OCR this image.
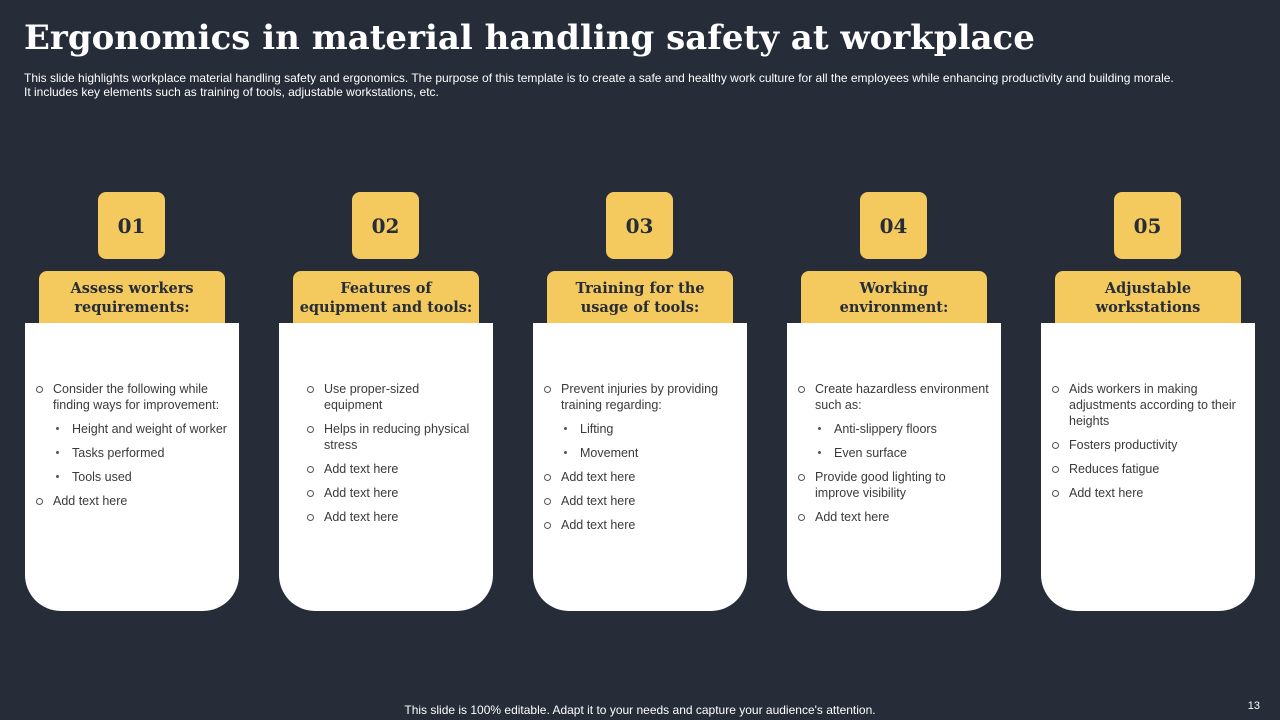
Ergonomics in material handling safety at workplace
This slide highlights workplace material handling safety and ergonomics. The purpose of this template is to create a safe and healthy work culture for all the employees while enhancing productivity and building morale. It includes key elements such as training of tools, adjustable workstations, etc.
01
Assess workers requirements:
Consider the following while finding ways for improvement:
Height and weight of worker
Tasks performed
Tools used
Add text here
02
Features of equipment and tools:
Use proper-sized equipment
Helps in reducing physical stress
Add text here
Add text here
Add text here
03
Training for the usage of tools:
Prevent injuries by providing training regarding:
Lifting
Movement
Add text here
Add text here
Add text here
04
Working environment:
Create hazardless environment such as:
Anti-slippery floors
Even surface
Provide good lighting to improve visibility
Add text here
05
Adjustable workstations
Aids workers in making adjustments according to their heights
Fosters productivity
Reduces fatigue
Add text here
This slide is 100% editable. Adapt it to your needs and capture your audience's attention.	13
